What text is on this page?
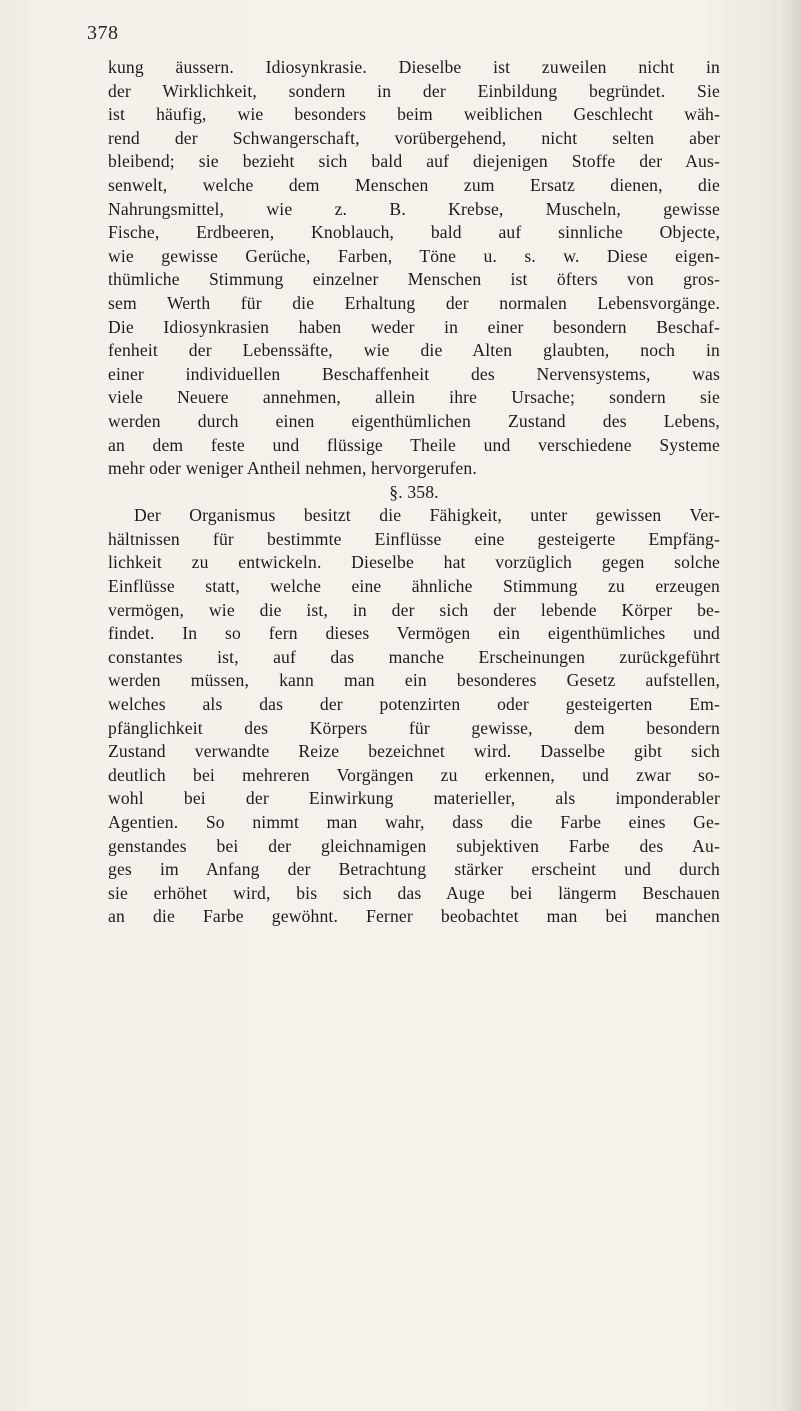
378
kung äussern. Idiosynkrasie. Dieselbe ist zuweilen nicht in
der Wirklichkeit, sondern in der Einbildung begründet. Sie
ist häufig, wie besonders beim weiblichen Geschlecht wäh-
rend der Schwangerschaft, vorübergehend, nicht selten aber
bleibend; sie bezieht sich bald auf diejenigen Stoffe der Aus-
senwelt, welche dem Menschen zum Ersatz dienen, die
Nahrungsmittel, wie z. B. Krebse, Muscheln, gewisse
Fische, Erdbeeren, Knoblauch, bald auf sinnliche Objecte,
wie gewisse Gerüche, Farben, Töne u. s. w. Diese eigen-
thümliche Stimmung einzelner Menschen ist öfters von gros-
sem Werth für die Erhaltung der normalen Lebensvorgänge.
Die Idiosynkrasien haben weder in einer besondern Beschaf-
fenheit der Lebenssäfte, wie die Alten glaubten, noch in
einer individuellen Beschaffenheit des Nervensystems, was
viele Neuere annehmen, allein ihre Ursache; sondern sie
werden durch einen eigenthümlichen Zustand des Lebens,
an dem feste und flüssige Theile und verschiedene Systeme
mehr oder weniger Antheil nehmen, hervorgerufen.
§. 358.
Der Organismus besitzt die Fähigkeit, unter gewissen Ver-
hältnissen für bestimmte Einflüsse eine gesteigerte Empfäng-
lichkeit zu entwickeln. Dieselbe hat vorzüglich gegen solche
Einflüsse statt, welche eine ähnliche Stimmung zu erzeugen
vermögen, wie die ist, in der sich der lebende Körper be-
findet. In so fern dieses Vermögen ein eigenthümliches und
constantes ist, auf das manche Erscheinungen zurückgeführt
werden müssen, kann man ein besonderes Gesetz aufstellen,
welches als das der potenzirten oder gesteigerten Em-
pfänglichkeit des Körpers für gewisse, dem besondern
Zustand verwandte Reize bezeichnet wird. Dasselbe gibt sich
deutlich bei mehreren Vorgängen zu erkennen, und zwar so-
wohl bei der Einwirkung materieller, als imponderabler
Agentien. So nimmt man wahr, dass die Farbe eines Ge-
genstandes bei der gleichnamigen subjektiven Farbe des Au-
ges im Anfang der Betrachtung stärker erscheint und durch
sie erhöhet wird, bis sich das Auge bei längerm Beschauen
an die Farbe gewöhnt. Ferner beobachtet man bei manchen
